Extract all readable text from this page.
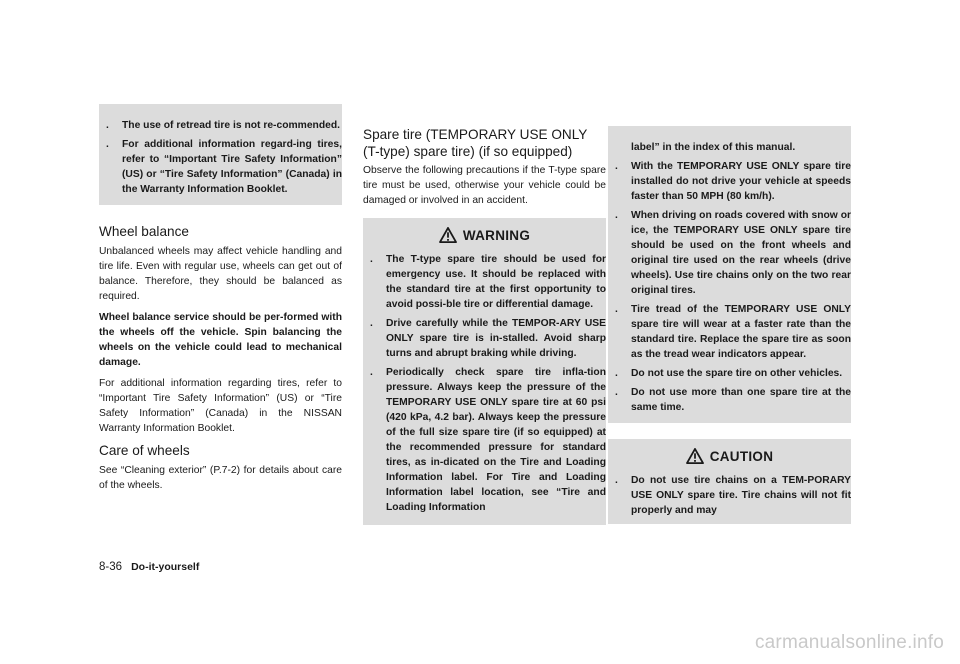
. The use of retread tire is not re-commended.
. For additional information regard-ing tires, refer to “Important Tire Safety Information” (US) or “Tire Safety Information” (Canada) in the Warranty Information Booklet.
Wheel balance

Unbalanced wheels may affect vehicle handling and tire life. Even with regular use, wheels can get out of balance. Therefore, they should be balanced as required.

Wheel balance service should be per-formed with the wheels off the vehicle. Spin balancing the wheels on the vehicle could lead to mechanical damage.

For additional information regarding tires, refer to “Important Tire Safety Information” (US) or “Tire Safety Information” (Canada) in the NISSAN Warranty Information Booklet.

Care of wheels

See “Cleaning exterior” (P.7-2) for details about care of the wheels.

Spare tire (TEMPORARY USE ONLY (T-type) spare tire) (if so equipped)

Observe the following precautions if the T-type spare tire must be used, otherwise your vehicle could be damaged or involved in an accident.

WARNING
. The T-type spare tire should be used for emergency use. It should be replaced with the standard tire at the first opportunity to avoid possi-ble tire or differential damage.
. Drive carefully while the TEMPOR-ARY USE ONLY spare tire is in-stalled. Avoid sharp turns and abrupt braking while driving.
. Periodically check spare tire infla-tion pressure. Always keep the pressure of the TEMPORARY USE ONLY spare tire at 60 psi (420 kPa, 4.2 bar). Always keep the pressure of the full size spare tire (if so equipped) at the recommended pressure for standard tires, as in-dicated on the Tire and Loading Information label. For Tire and Loading Information label location, see “Tire and Loading Information
label” in the index of this manual.
. With the TEMPORARY USE ONLY spare tire installed do not drive your vehicle at speeds faster than 50 MPH (80 km/h).
. When driving on roads covered with snow or ice, the TEMPORARY USE ONLY spare tire should be used on the front wheels and original tire used on the rear wheels (drive wheels). Use tire chains only on the two rear original tires.
. Tire tread of the TEMPORARY USE ONLY spare tire will wear at a faster rate than the standard tire. Replace the spare tire as soon as the tread wear indicators appear.
. Do not use the spare tire on other vehicles.
. Do not use more than one spare tire at the same time.
CAUTION
. Do not use tire chains on a TEM-PORARY USE ONLY spare tire. Tire chains will not fit properly and may
8-36 Do-it-yourself
carmanualsonline.info
